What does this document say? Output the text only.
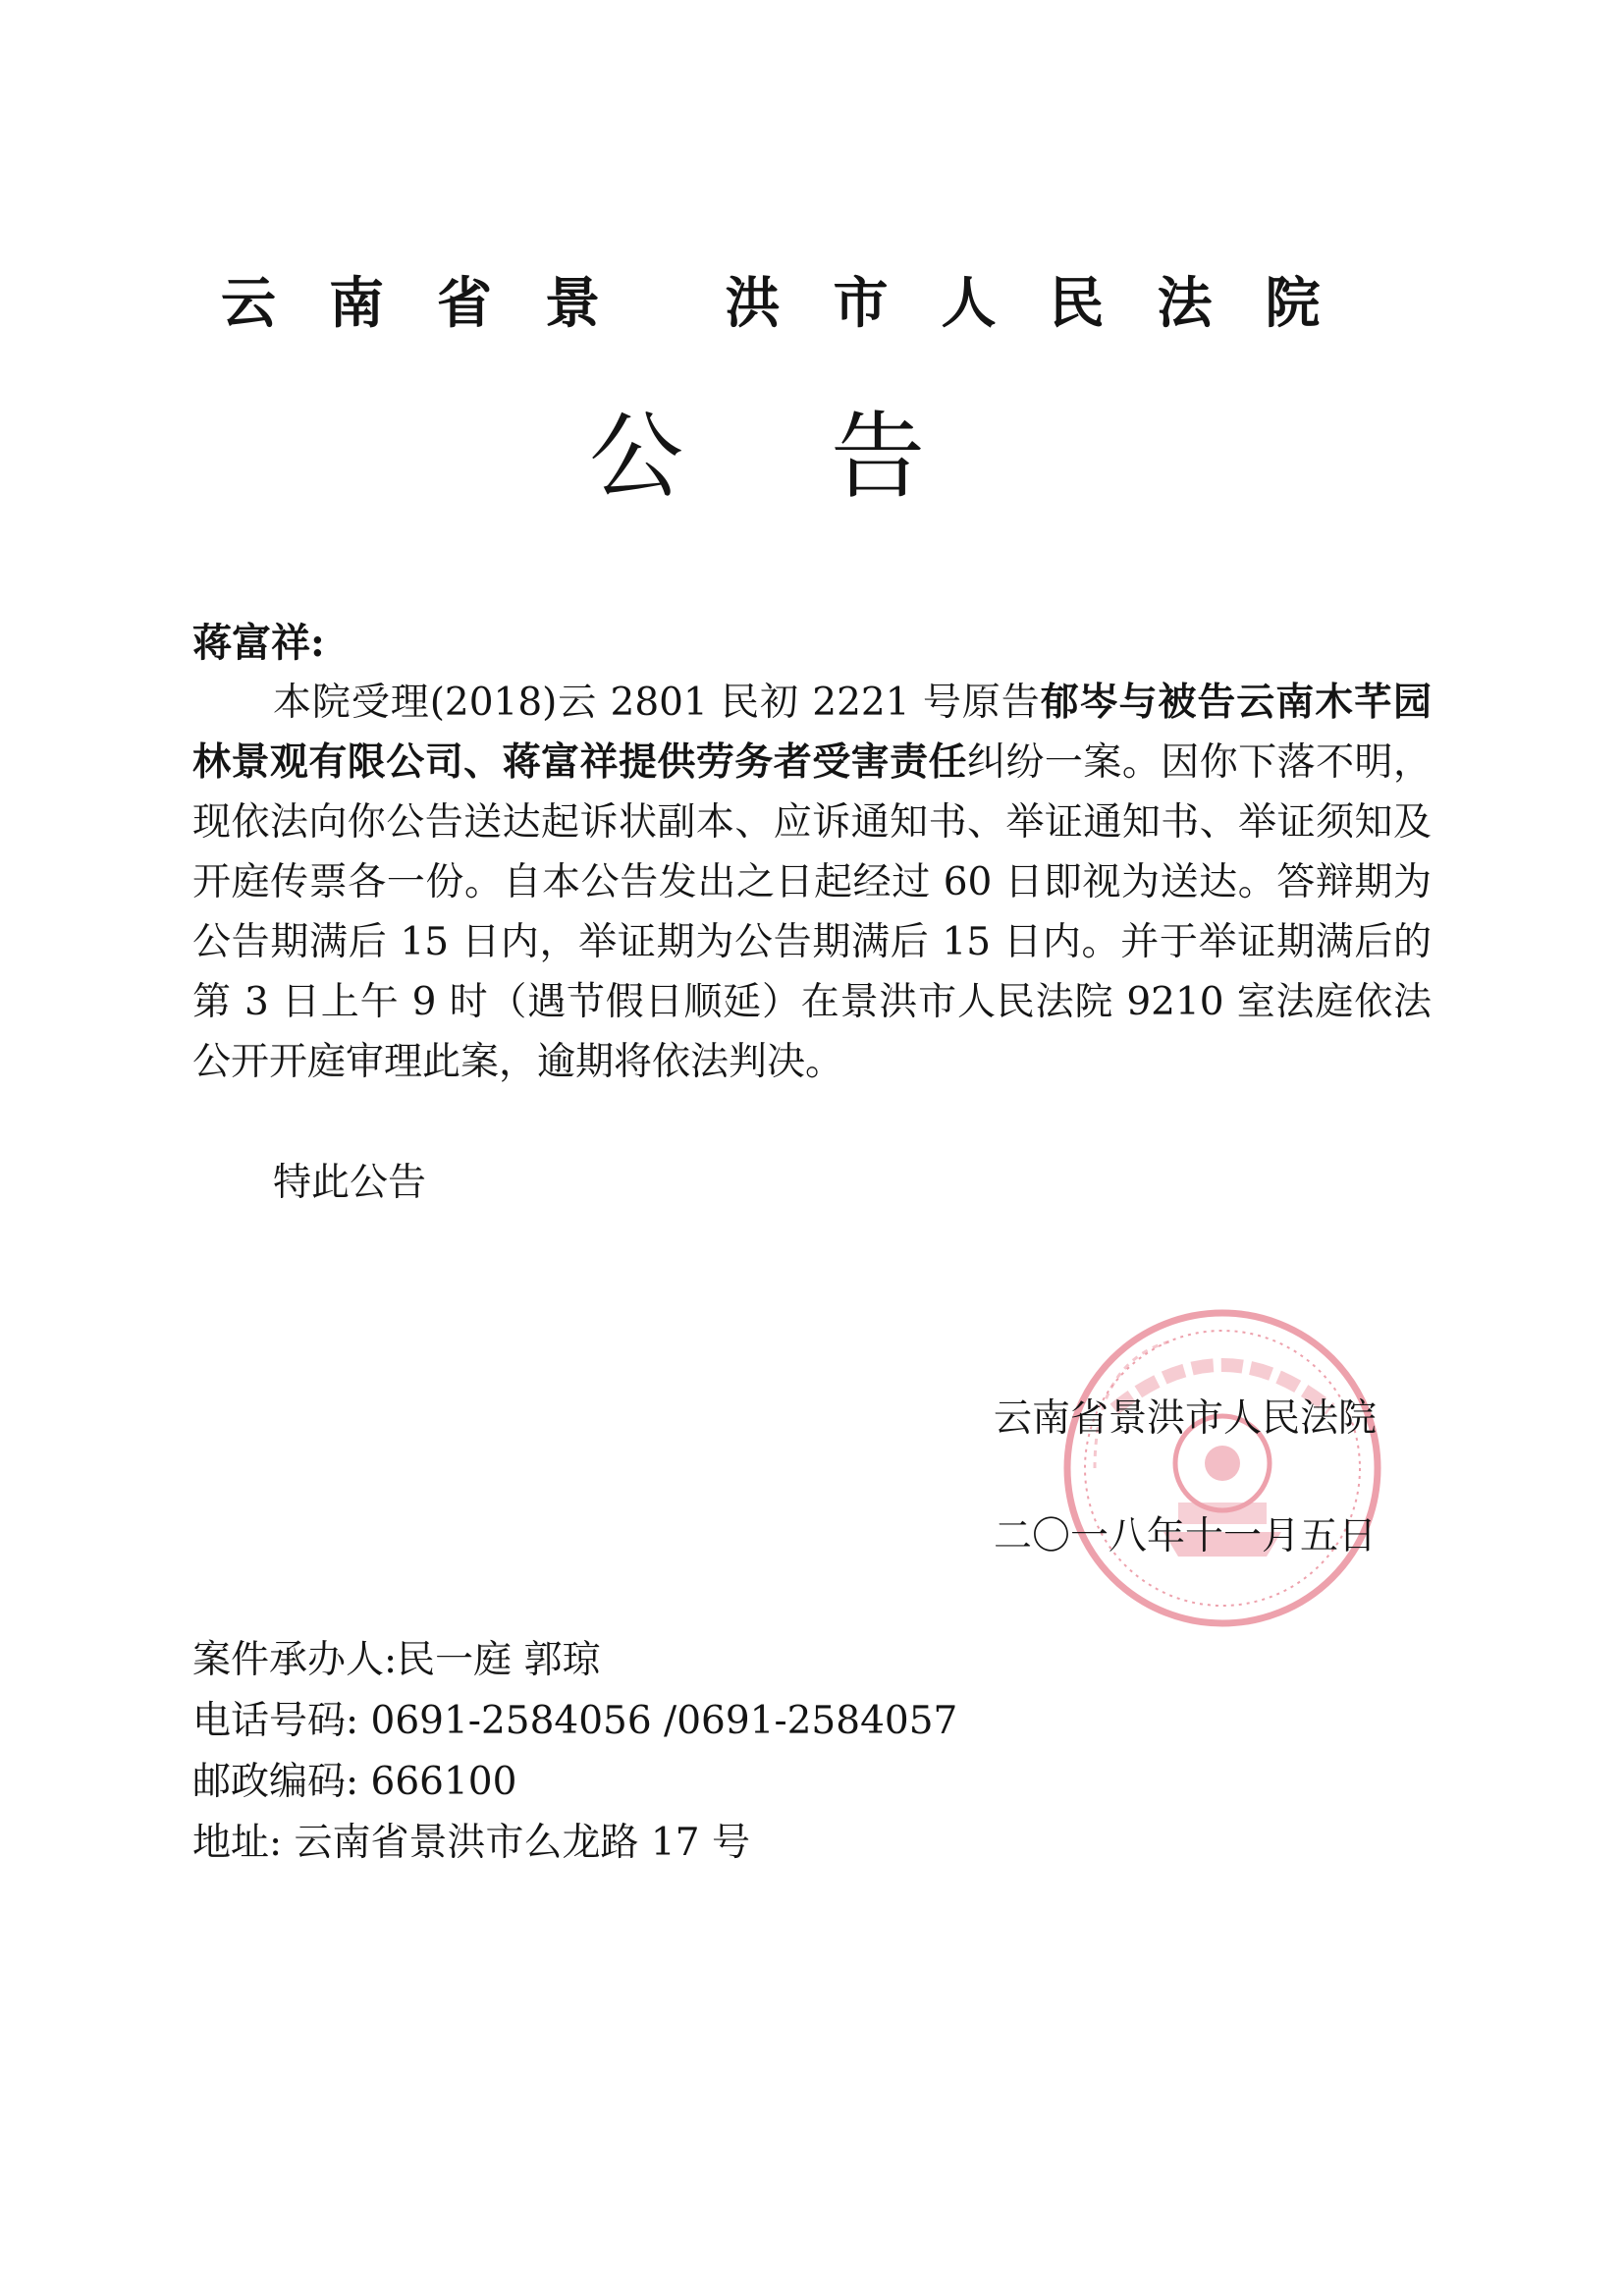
云南省景 洪市人民法院
公告
蒋富祥:

本院受理(2018)云 2801 民初 2221 号原告郁岑与被告云南木芊园林景观有限公司、蒋富祥提供劳务者受害责任纠纷一案。因你下落不明，现依法向你公告送达起诉状副本、应诉通知书、举证通知书、举证须知及开庭传票各一份。自本公告发出之日起经过 60 日即视为送达。答辩期为公告期满后 15 日内，举证期为公告期满后 15 日内。并于举证期满后的第 3 日上午 9 时（遇节假日顺延）在景洪市人民法院 9210 室法庭依法公开开庭审理此案，逾期将依法判决。

特此公告
云南省景洪市人民法院
二〇一八年十一月五日
案件承办人:民一庭 郭琼
电话号码: 0691-2584056 /0691-2584057
邮政编码: 666100
地址: 云南省景洪市么龙路 17 号
